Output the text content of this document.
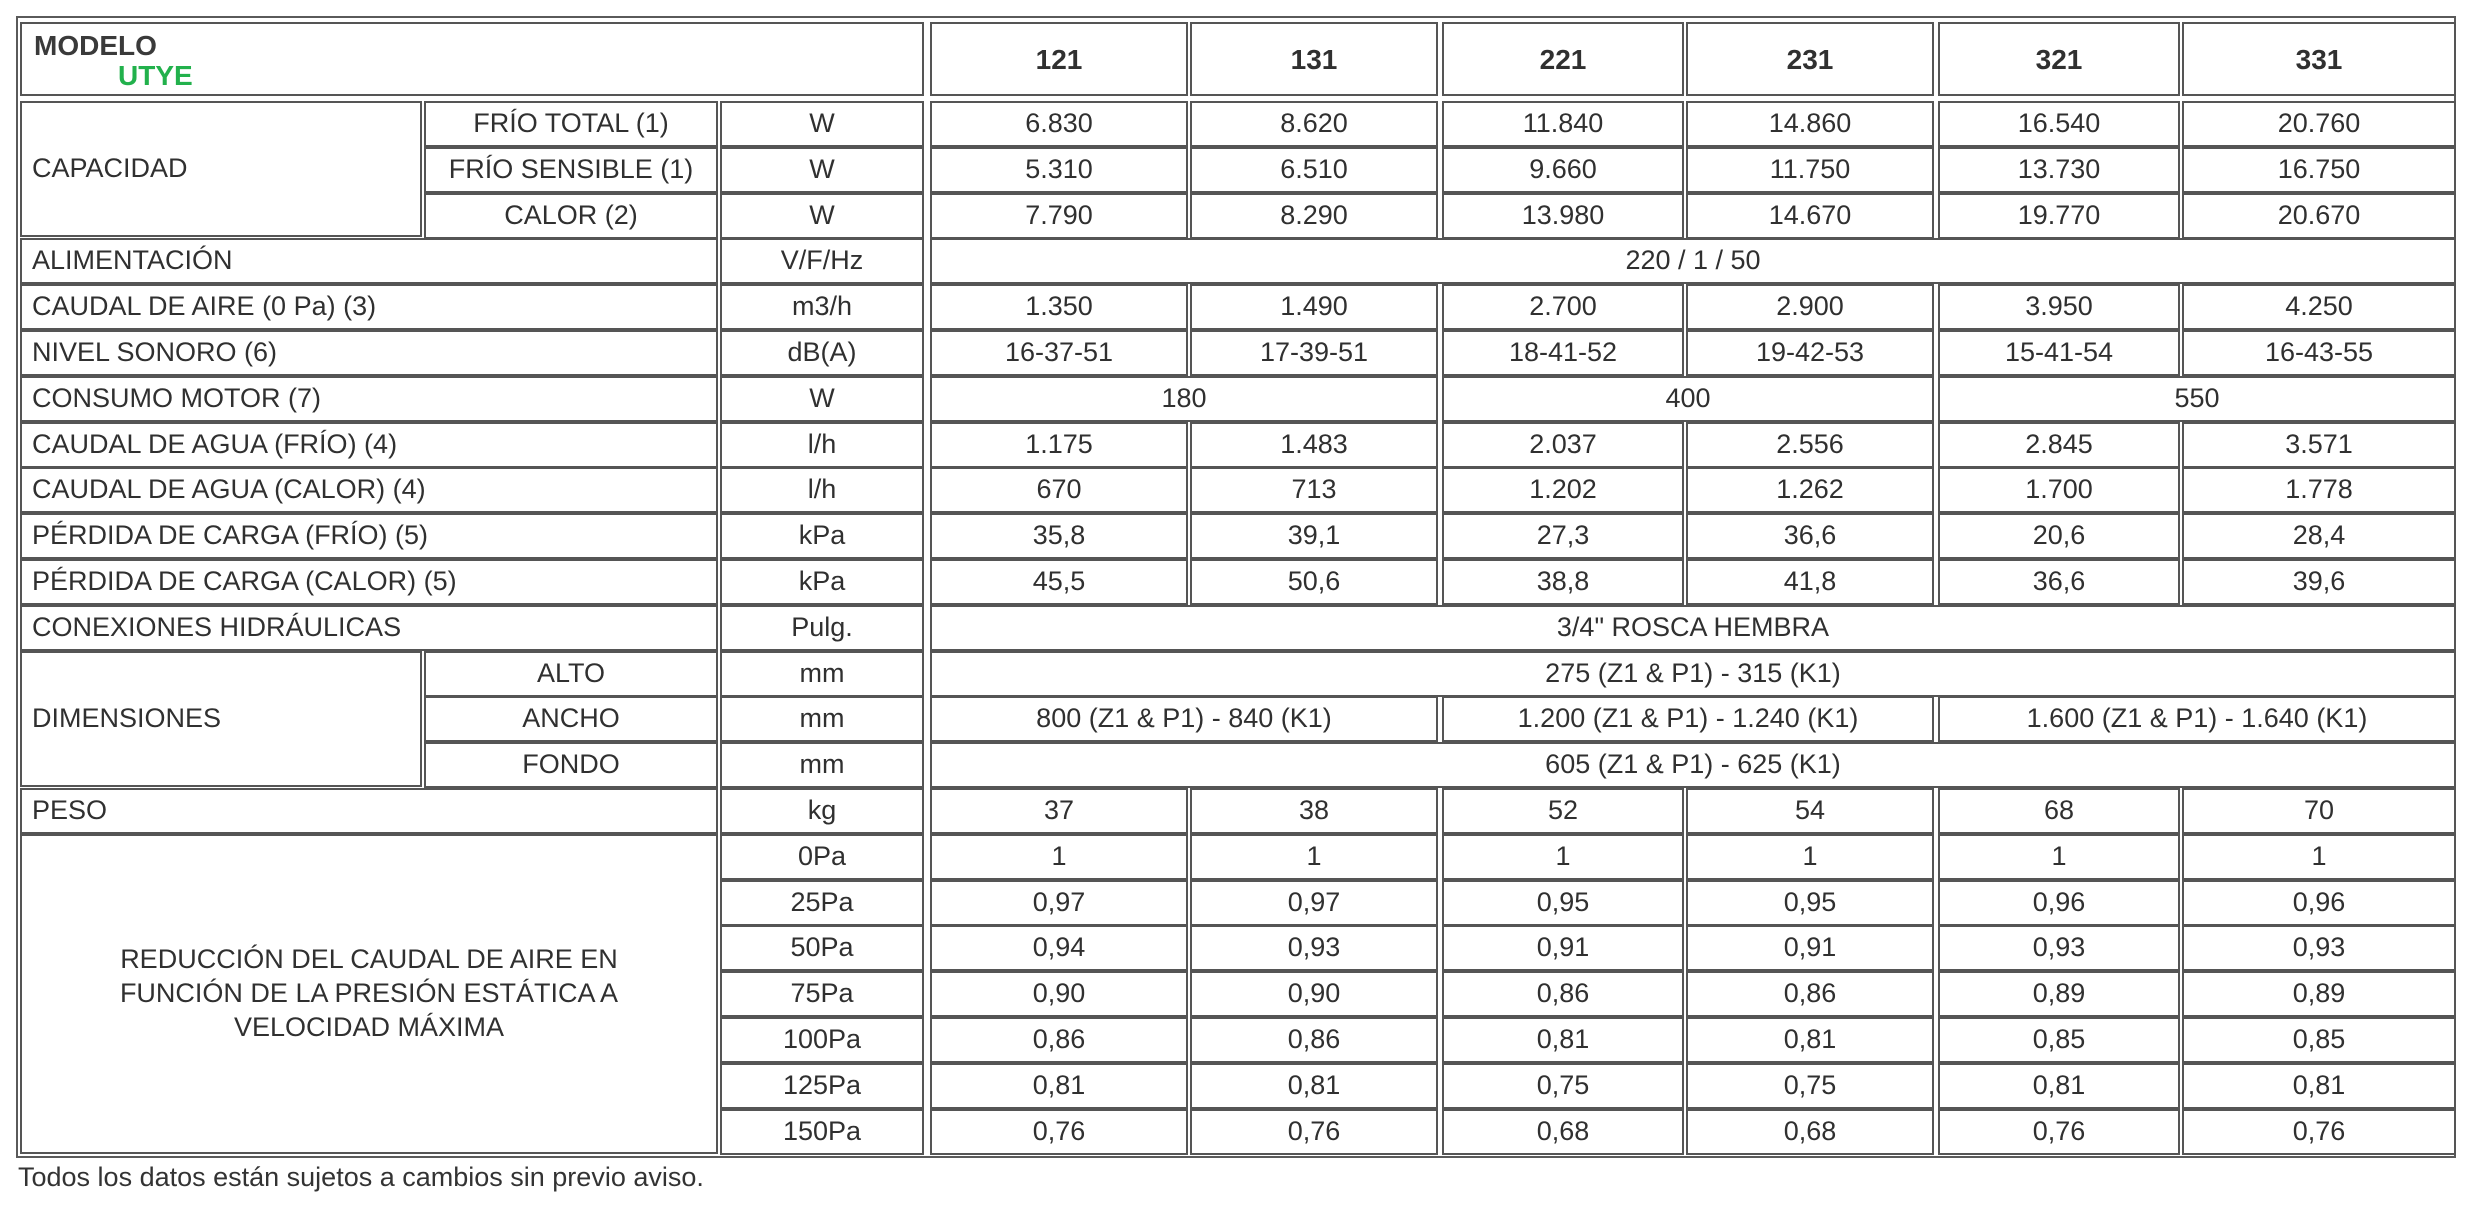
MODELO
UTYE
121	131	221	231	321	331
CAPACIDAD
FRÍO TOTAL (1)	W	6.830	8.620	11.840	14.860	16.540	20.760
FRÍO SENSIBLE (1)	W	5.310	6.510	9.660	11.750	13.730	16.750
CALOR (2)	W	7.790	8.290	13.980	14.670	19.770	20.670
ALIMENTACIÓN	V/F/Hz	220 / 1 / 50
CAUDAL DE AIRE (0 Pa) (3)	m3/h	1.350	1.490	2.700	2.900	3.950	4.250
NIVEL SONORO (6)	dB(A)	16-37-51	17-39-51	18-41-52	19-42-53	15-41-54	16-43-55
CONSUMO MOTOR (7)	W	180	400	550
CAUDAL DE AGUA (FRÍO) (4)	l/h	1.175	1.483	2.037	2.556	2.845	3.571
CAUDAL DE AGUA (CALOR) (4)	l/h	670	713	1.202	1.262	1.700	1.778
PÉRDIDA DE CARGA (FRÍO) (5)	kPa	35,8	39,1	27,3	36,6	20,6	28,4
PÉRDIDA DE CARGA (CALOR) (5)	kPa	45,5	50,6	38,8	41,8	36,6	39,6
CONEXIONES HIDRÁULICAS	Pulg.	3/4" ROSCA HEMBRA
DIMENSIONES
ALTO	mm	275 (Z1 & P1) - 315 (K1)
ANCHO	mm	800 (Z1 & P1) - 840 (K1)	1.200 (Z1 & P1) - 1.240 (K1)	1.600 (Z1 & P1) - 1.640 (K1)
FONDO	mm	605 (Z1 & P1) - 625 (K1)
PESO	kg	37	38	52	54	68	70
REDUCCIÓN DEL CAUDAL DE AIRE EN FUNCIÓN DE LA PRESIÓN ESTÁTICA A VELOCIDAD MÁXIMA
0Pa	1	1	1	1	1	1
25Pa	0,97	0,97	0,95	0,95	0,96	0,96
50Pa	0,94	0,93	0,91	0,91	0,93	0,93
75Pa	0,90	0,90	0,86	0,86	0,89	0,89
100Pa	0,86	0,86	0,81	0,81	0,85	0,85
125Pa	0,81	0,81	0,75	0,75	0,81	0,81
150Pa	0,76	0,76	0,68	0,68	0,76	0,76
Todos los datos están sujetos a cambios sin previo aviso.
